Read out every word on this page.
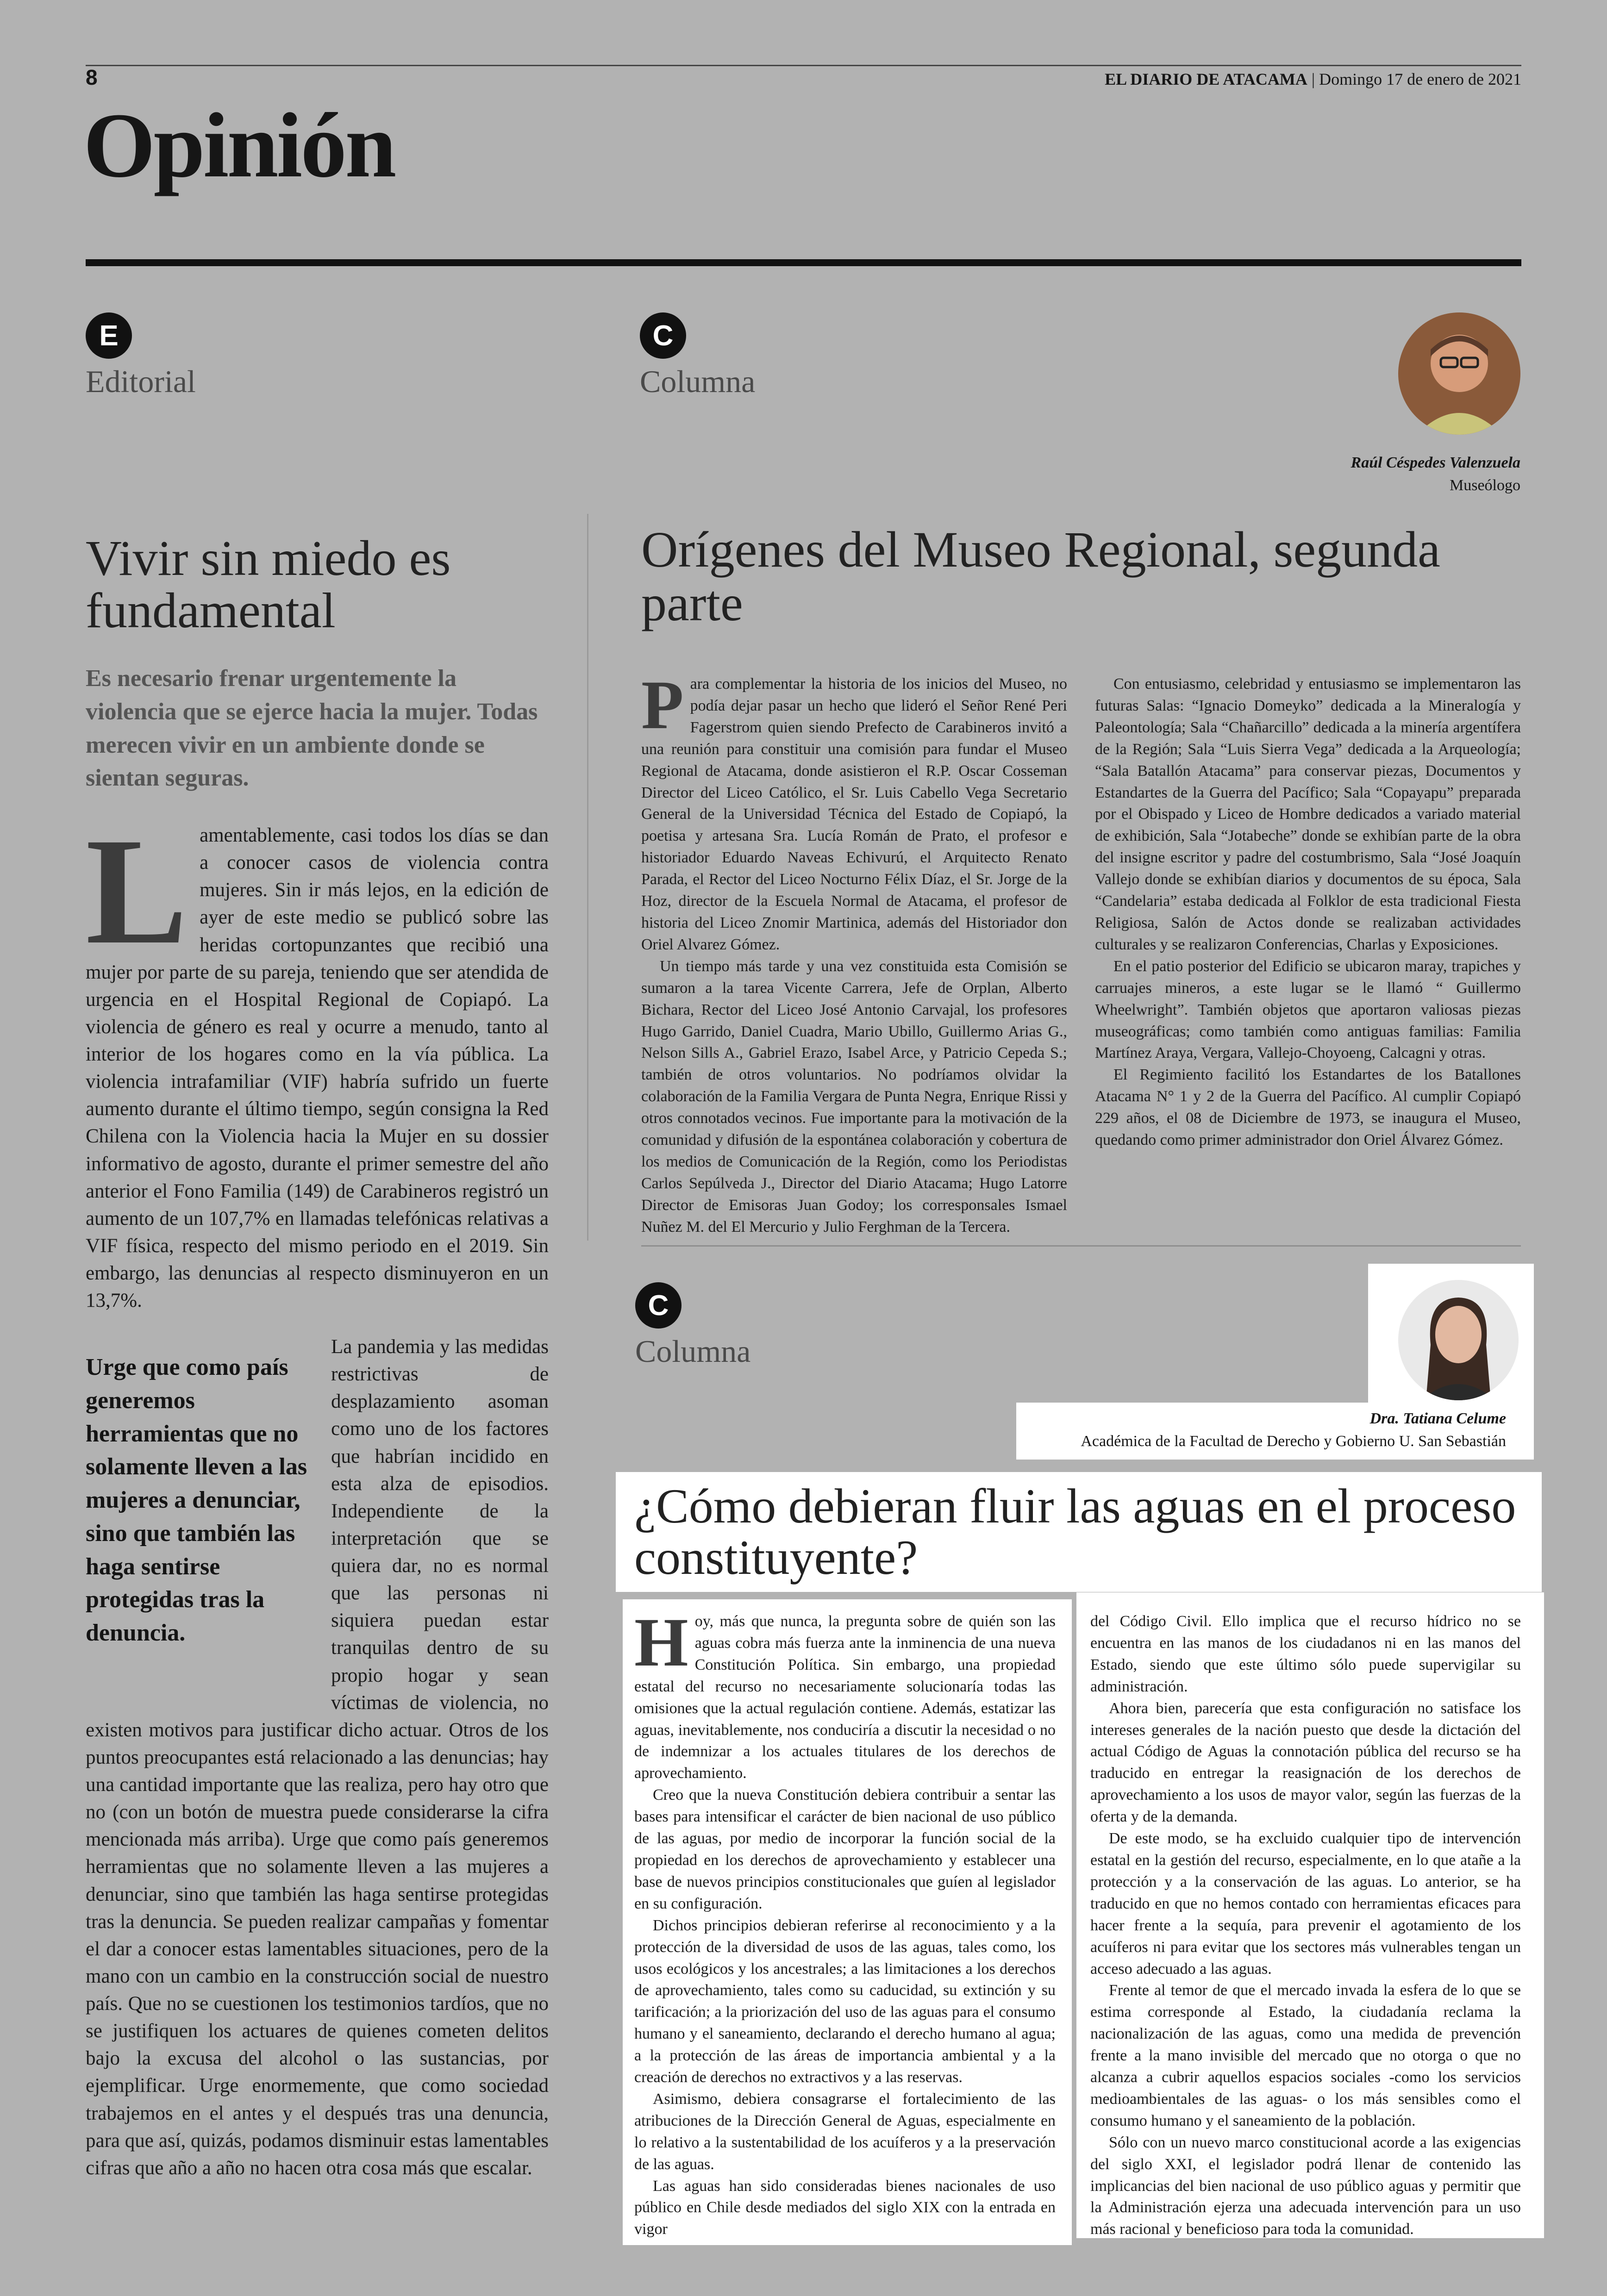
8	EL DIARIO DE ATACAMA | Domingo 17 de enero de 2021
Opinión
E
Editorial
Vivir sin miedo es fundamental
Es necesario frenar urgentemente la violencia que se ejerce hacia la mujer. Todas merecen vivir en un ambiente donde se sientan seguras.
Lamentablemente, casi todos los días se dan a conocer casos de violencia contra mujeres. Sin ir más lejos, en la edición de ayer de este medio se publicó sobre las heridas cortopunzantes que recibió una mujer por parte de su pareja, teniendo que ser atendida de urgencia en el Hospital Regional de Copiapó. La violencia de género es real y ocurre a menudo, tanto al interior de los hogares como en la vía pública. La violencia intrafamiliar (VIF) habría sufrido un fuerte aumento durante el último tiempo, según consigna la Red Chilena con la Violencia hacia la Mujer en su dossier informativo de agosto, durante el primer semestre del año anterior el Fono Familia (149) de Carabineros registró un aumento de un 107,7% en llamadas telefónicas relativas a VIF física, respecto del mismo periodo en el 2019. Sin embargo, las denuncias al respecto disminuyeron en un 13,7%.
Urge que como país generemos herramientas que no solamente lleven a las mujeres a denunciar, sino que también las haga sentirse protegidas tras la denuncia.
La pandemia y las medidas restrictivas de desplazamiento asoman como uno de los factores que habrían incidido en esta alza de episodios. Independiente de la interpretación que se quiera dar, no es normal que las personas ni siquiera puedan estar tranquilas dentro de su propio hogar y sean víctimas de violencia, no existen motivos para justificar dicho actuar. Otros de los puntos preocupantes está relacionado a las denuncias; hay una cantidad importante que las realiza, pero hay otro que no (con un botón de muestra puede considerarse la cifra mencionada más arriba). Urge que como país generemos herramientas que no solamente lleven a las mujeres a denunciar, sino que también las haga sentirse protegidas tras la denuncia. Se pueden realizar campañas y fomentar el dar a conocer estas lamentables situaciones, pero de la mano con un cambio en la construcción social de nuestro país. Que no se cuestionen los testimonios tardíos, que no se justifiquen los actuares de quienes cometen delitos bajo la excusa del alcohol o las sustancias, por ejemplificar. Urge enormemente, que como sociedad trabajemos en el antes y el después tras una denuncia, para que así, quizás, podamos disminuir estas lamentables cifras que año a año no hacen otra cosa más que escalar.
C
Columna
Raúl Céspedes Valenzuela
Museólogo
Orígenes del Museo Regional, segunda parte

Para complementar la historia de los inicios del Museo, no podía dejar pasar un hecho que lideró el Señor René Peri Fagerstrom quien siendo Prefecto de Carabineros invitó a una reunión para constituir una comisión para fundar el Museo Regional de Atacama, donde asistieron el R.P. Oscar Cosseman Director del Liceo Católico, el Sr. Luis Cabello Vega Secretario General de la Universidad Técnica del Estado de Copiapó, la poetisa y artesana Sra. Lucía Román de Prato, el profesor e historiador Eduardo Naveas Echivurú, el Arquitecto Renato Parada, el Rector del Liceo Nocturno Félix Díaz, el Sr. Jorge de la Hoz, director de la Escuela Normal de Atacama, el profesor de historia del Liceo Znomir Martinica, además del Historiador don Oriel Alvarez Gómez.

Un tiempo más tarde y una vez constituida esta Comisión se sumaron a la tarea Vicente Carrera, Jefe de Orplan, Alberto Bichara, Rector del Liceo José Antonio Carvajal, los profesores Hugo Garrido, Daniel Cuadra, Mario Ubillo, Guillermo Arias G., Nelson Sills A., Gabriel Erazo, Isabel Arce, y Patricio Cepeda S.; también de otros voluntarios. No podríamos olvidar la colaboración de la Familia Vergara de Punta Negra, Enrique Rissi y otros connotados vecinos. Fue importante para la motivación de la comunidad y difusión de la espontánea colaboración y cobertura de los medios de Comunicación de la Región, como los Periodistas Carlos Sepúlveda J., Director del Diario Atacama; Hugo Latorre Director de Emisoras Juan Godoy; los corresponsales Ismael Nuñez M. del El Mercurio y Julio Ferghman de la Tercera.

Con entusiasmo, celebridad y entusiasmo se implementaron las futuras Salas: “Ignacio Domeyko” dedicada a la Mineralogía y Paleontología; Sala “Chañarcillo” dedicada a la minería argentífera de la Región; Sala “Luis Sierra Vega” dedicada a la Arqueología; “Sala Batallón Atacama” para conservar piezas, Documentos y Estandartes de la Guerra del Pacífico; Sala “Copayapu” preparada por el Obispado y Liceo de Hombre dedicados a variado material de exhibición, Sala “Jotabeche” donde se exhibían parte de la obra del insigne escritor y padre del costumbrismo, Sala “José Joaquín Vallejo donde se exhibían diarios y documentos de su época, Sala “Candelaria” estaba dedicada al Folklor de esta tradicional Fiesta Religiosa, Salón de Actos donde se realizaban actividades culturales y se realizaron Conferencias, Charlas y Exposiciones.

En el patio posterior del Edificio se ubicaron maray, trapiches y carruajes mineros, a este lugar se le llamó “ Guillermo Wheelwright”. También objetos que aportaron valiosas piezas museográficas; como también como antiguas familias: Familia Martínez Araya, Vergara, Vallejo-Choyoeng, Calcagni y otras.

El Regimiento facilitó los Estandartes de los Batallones Atacama N° 1 y 2 de la Guerra del Pacífico. Al cumplir Copiapó 229 años, el 08 de Diciembre de 1973, se inaugura el Museo, quedando como primer administrador don Oriel Álvarez Gómez.

C
Columna
Dra. Tatiana Celume
Académica de la Facultad de Derecho y Gobierno U. San Sebastián
¿Cómo debieran fluir las aguas en el proceso constituyente?

Hoy, más que nunca, la pregunta sobre de quién son las aguas cobra más fuerza ante la inminencia de una nueva Constitución Política. Sin embargo, una propiedad estatal del recurso no necesariamente solucionaría todas las omisiones que la actual regulación contiene. Además, estatizar las aguas, inevitablemente, nos conduciría a discutir la necesidad o no de indemnizar a los actuales titulares de los derechos de aprovechamiento.

Creo que la nueva Constitución debiera contribuir a sentar las bases para intensificar el carácter de bien nacional de uso público de las aguas, por medio de incorporar la función social de la propiedad en los derechos de aprovechamiento y establecer una base de nuevos principios constitucionales que guíen al legislador en su configuración.

Dichos principios debieran referirse al reconocimiento y a la protección de la diversidad de usos de las aguas, tales como, los usos ecológicos y los ancestrales; a las limitaciones a los derechos de aprovechamiento, tales como su caducidad, su extinción y su tarificación; a la priorización del uso de las aguas para el consumo humano y el saneamiento, declarando el derecho humano al agua; a la protección de las áreas de importancia ambiental y a la creación de derechos no extractivos y a las reservas.

Asimismo, debiera consagrarse el fortalecimiento de las atribuciones de la Dirección General de Aguas, especialmente en lo relativo a la sustentabilidad de los acuíferos y a la preservación de las aguas.

Las aguas han sido consideradas bienes nacionales de uso público en Chile desde mediados del siglo XIX con la entrada en vigor

del Código Civil. Ello implica que el recurso hídrico no se encuentra en las manos de los ciudadanos ni en las manos del Estado, siendo que este último sólo puede supervigilar su administración.

Ahora bien, parecería que esta configuración no satisface los intereses generales de la nación puesto que desde la dictación del actual Código de Aguas la connotación pública del recurso se ha traducido en entregar la reasignación de los derechos de aprovechamiento a los usos de mayor valor, según las fuerzas de la oferta y de la demanda.

De este modo, se ha excluido cualquier tipo de intervención estatal en la gestión del recurso, especialmente, en lo que atañe a la protección y a la conservación de las aguas. Lo anterior, se ha traducido en que no hemos contado con herramientas eficaces para hacer frente a la sequía, para prevenir el agotamiento de los acuíferos ni para evitar que los sectores más vulnerables tengan un acceso adecuado a las aguas.

Frente al temor de que el mercado invada la esfera de lo que se estima corresponde al Estado, la ciudadanía reclama la nacionalización de las aguas, como una medida de prevención frente a la mano invisible del mercado que no otorga o que no alcanza a cubrir aquellos espacios sociales -como los servicios medioambientales de las aguas- o los más sensibles como el consumo humano y el saneamiento de la población.

Sólo con un nuevo marco constitucional acorde a las exigencias del siglo XXI, el legislador podrá llenar de contenido las implicancias del bien nacional de uso público aguas y permitir que la Administración ejerza una adecuada intervención para un uso más racional y beneficioso para toda la comunidad.
